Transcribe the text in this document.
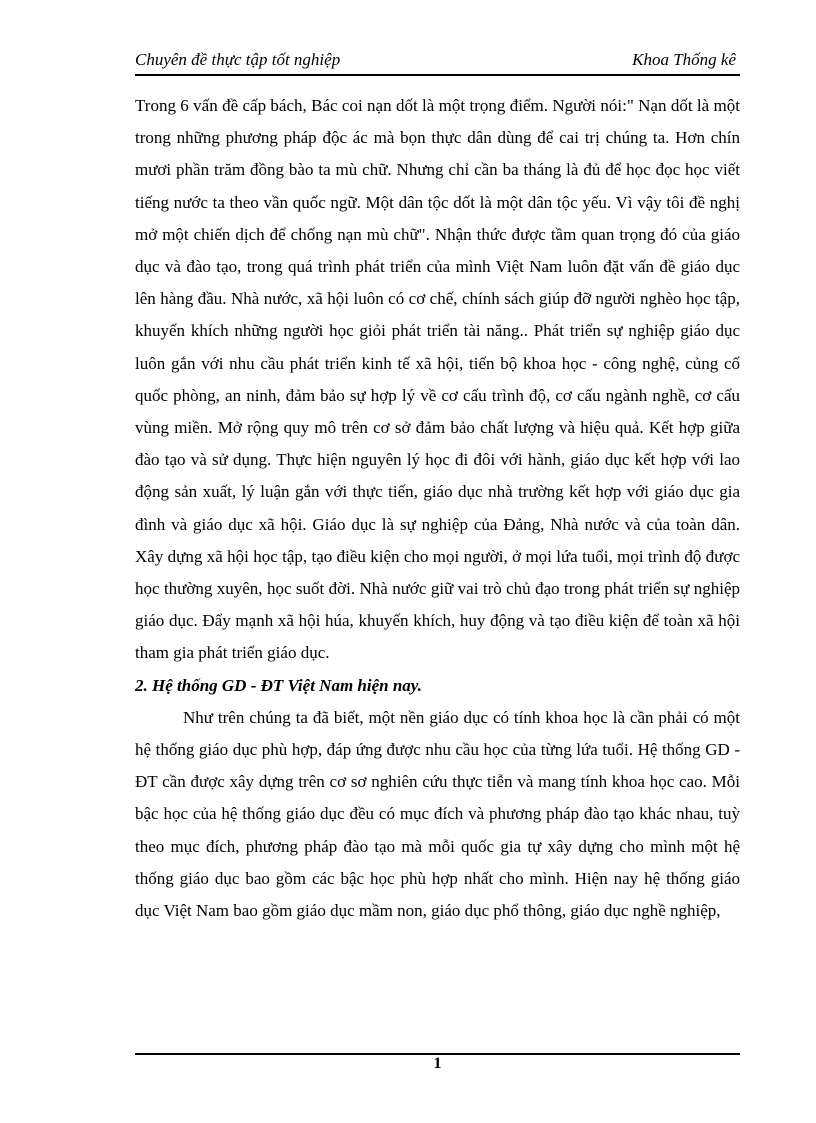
Chuyên đề thực tập tốt nghiệp	Khoa Thống kê

Trong 6 vấn đề cấp bách, Bác coi nạn dốt là một trọng điểm. Người nói:" Nạn dốt là một trong những phương pháp độc ác mà bọn thực dân dùng để cai trị chúng ta. Hơn chín mươi phần trăm đồng bào ta mù chữ. Nhưng chỉ cần ba tháng là đủ để học đọc học viết tiếng nước ta theo vần quốc ngữ. Một dân tộc dốt là một dân tộc yếu. Vì vậy tôi đề nghị mở một chiến dịch để chống nạn mù chữ". Nhận thức được tầm quan trọng đó của giáo dục và đào tạo, trong quá trình phát triển của mình Việt Nam luôn đặt vấn đề giáo dục lên hàng đầu. Nhà nước, xã hội luôn có cơ chế, chính sách giúp đỡ người nghèo học tập, khuyến khích những người học giỏi phát triển tài năng.. Phát triển sự nghiệp giáo dục luôn gắn với nhu cầu phát triển kinh tế xã hội, tiến bộ khoa học - công nghệ, củng cố quốc phòng, an ninh, đảm bảo sự hợp lý về cơ cấu trình độ, cơ cấu ngành nghề, cơ cấu vùng miền. Mở rộng quy mô trên cơ sở đảm bảo chất lượng và hiệu quả. Kết hợp giữa đào tạo và sử dụng. Thực hiện nguyên lý học đi đôi với hành, giáo dục kết hợp với lao động sản xuất, lý luận gắn với thực tiến, giáo dục nhà trường kết hợp với giáo dục gia đình và giáo dục xã hội. Giáo dục là sự nghiệp của Đảng, Nhà nước và của toàn dân. Xây dựng xã hội học tập, tạo điều kiện cho mọi người, ở mọi lứa tuổi, mọi trình độ được học thường xuyên, học suốt đời. Nhà nước giữ vai trò chủ đạo trong phát triển sự nghiệp giáo dục. Đẩy mạnh xã hội húa, khuyến khích, huy động và tạo điều kiện để toàn xã hội tham gia phát triển giáo dục.

2. Hệ thống GD - ĐT Việt Nam hiện nay.

Như trên chúng ta đã biết, một nền giáo dục có tính khoa học là cần phải có một hệ thống giáo dục phù hợp, đáp ứng được nhu cầu học của từng lứa tuổi. Hệ thống GD - ĐT cần được xây dựng trên cơ sơ nghiên cứu thực tiễn và mang tính khoa học cao. Mỗi bậc học của hệ thống giáo dục đều có mục đích và phương pháp đào tạo khác nhau, tuỳ theo mục đích, phương pháp đào tạo mà mỗi quốc gia tự xây dựng cho mình một hệ thống giáo dục bao gồm các bậc học phù hợp nhất cho mình. Hiện nay hệ thống giáo dục Việt Nam bao gồm giáo dục mầm non, giáo dục phổ thông, giáo dục nghề nghiệp,

1
